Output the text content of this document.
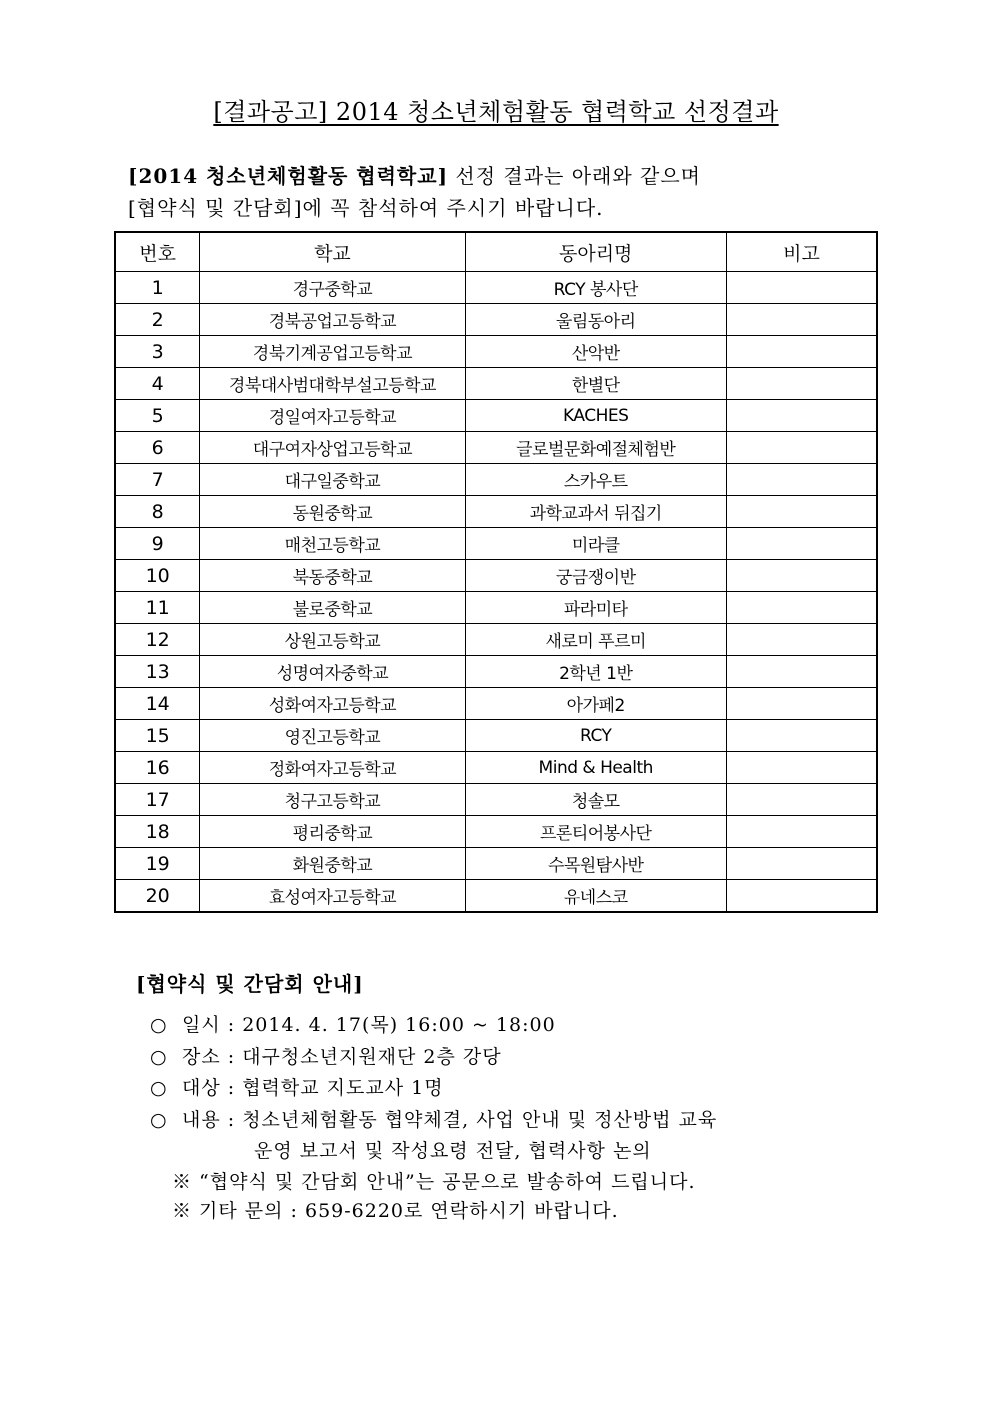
[결과공고] 2014 청소년체험활동 협력학교 선정결과
[2014 청소년체험활동 협력학교] 선정 결과는 아래와 같으며
[협약식 및 간담회]에 꼭 참석하여 주시기 바랍니다.
번호	학교	동아리명	비고
1	경구중학교	RCY 봉사단	
2	경북공업고등학교	울림동아리	
3	경북기계공업고등학교	산악반	
4	경북대사범대학부설고등학교	한별단	
5	경일여자고등학교	KACHES	
6	대구여자상업고등학교	글로벌문화예절체험반	
7	대구일중학교	스카우트	
8	동원중학교	과학교과서 뒤집기	
9	매천고등학교	미라클	
10	북동중학교	궁금쟁이반	
11	불로중학교	파라미타	
12	상원고등학교	새로미 푸르미	
13	성명여자중학교	2학년 1반	
14	성화여자고등학교	아가페2	
15	영진고등학교	RCY	
16	정화여자고등학교	Mind & Health	
17	청구고등학교	청솔모	
18	평리중학교	프론티어봉사단	
19	화원중학교	수목원탐사반	
20	효성여자고등학교	유네스코	
[협약식 및 간담회 안내]
○ 일시 : 2014. 4. 17(목) 16:00 ~ 18:00
○ 장소 : 대구청소년지원재단 2층 강당
○ 대상 : 협력학교 지도교사 1명
○ 내용 : 청소년체험활동 협약체결, 사업 안내 및 정산방법 교육
운영 보고서 및 작성요령 전달, 협력사항 논의
※ “협약식 및 간담회 안내”는 공문으로 발송하여 드립니다.
※ 기타 문의 : 659-6220로 연락하시기 바랍니다.
